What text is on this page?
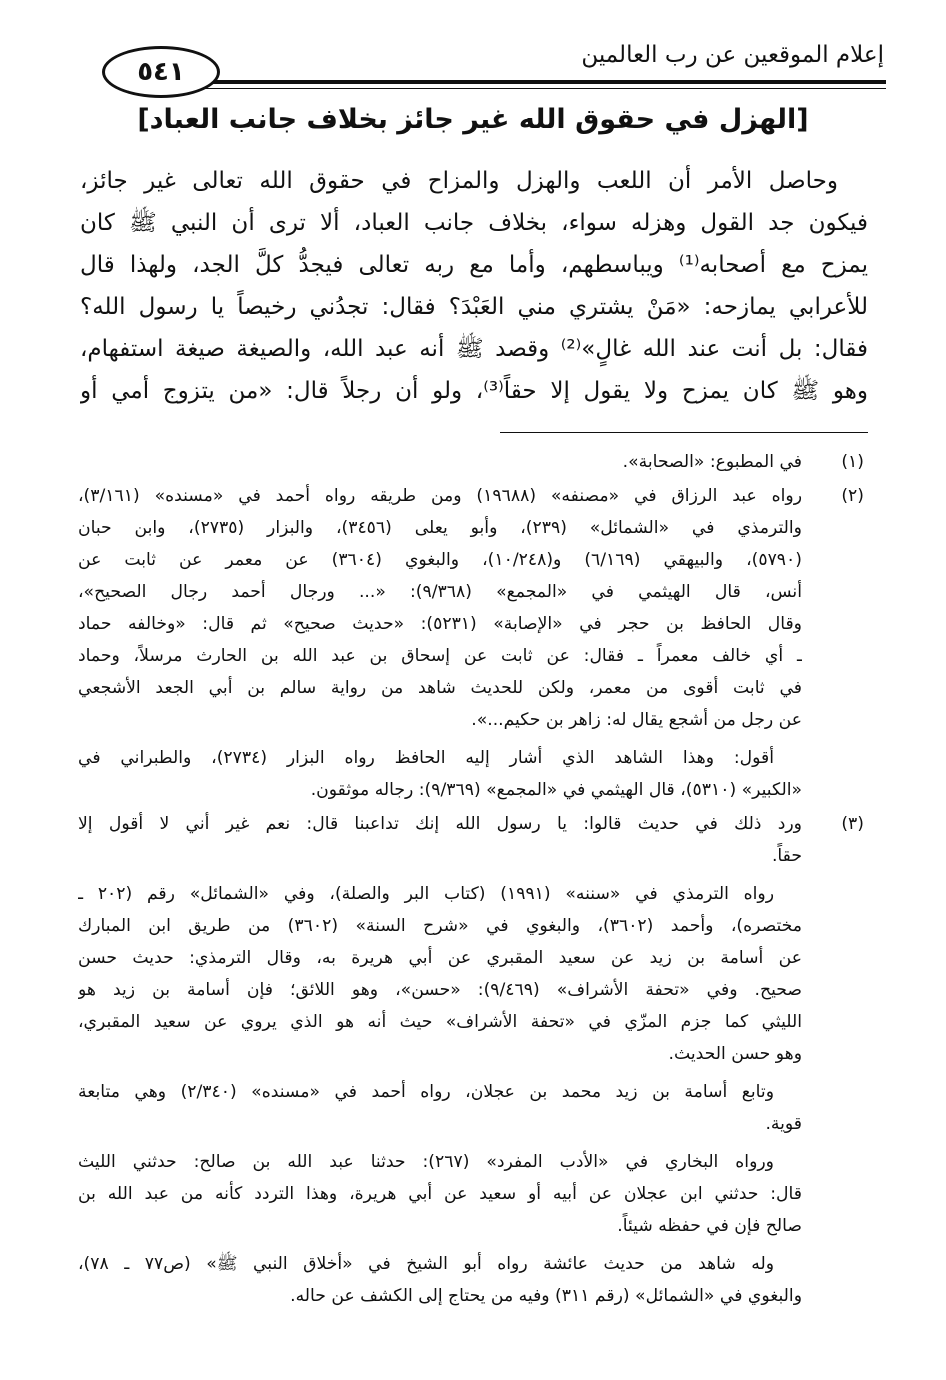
إعلام الموقعين عن رب العالمين
٥٤١
[الهزل في حقوق الله غير جائز بخلاف جانب العباد]
وحاصل الأمر أن اللعب والهزل والمزاح في حقوق الله تعالى غير جائز،
فيكون جد القول وهزله سواء، بخلاف جانب العباد، ألا ترى أن النبي ﷺ كان
يمزح مع أصحابه⁽¹⁾ ويباسطهم، وأما مع ربه تعالى فيجدُّ كلَّ الجد، ولهذا قال
للأعرابي يمازحه: «مَنْ يشتري مني العَبْدَ؟ فقال: تجدُني رخيصاً يا رسول الله؟
فقال: بل أنت عند الله غالٍ»⁽²⁾ وقصد ﷺ أنه عبد الله، والصيغة صيغة استفهام،
وهو ﷺ كان يمزح ولا يقول إلا حقاً⁽³⁾، ولو أن رجلاً قال: «من يتزوج أمي أو
(١)
في المطبوع: «الصحابة».
(٢)
رواه عبد الرزاق في «مصنفه» (١٩٦٨٨) ومن طريقه رواه أحمد في «مسنده» (٣/١٦١)،
والترمذي في «الشمائل» (٢٣٩)، وأبو يعلى (٣٤٥٦)، والبزار (٢٧٣٥)، وابن حبان
(٥٧٩٠)، والبيهقي (٦/١٦٩) و(١٠/٢٤٨)، والبغوي (٣٦٠٤) عن معمر عن ثابت عن
أنس، قال الهيثمي في «المجمع» (٩/٣٦٨): «... ورجال أحمد رجال الصحيح»،
وقال الحافظ بن حجر في «الإصابة» (٥٢٣١): «حديث صحيح» ثم قال: «وخالفه حماد
ـ أي خالف معمراً ـ فقال: عن ثابت عن إسحاق بن عبد الله بن الحارث مرسلاً، وحماد
في ثابت أقوى من معمر، ولكن للحديث شاهد من رواية سالم بن أبي الجعد الأشجعي
عن رجل من أشجع يقال له: زاهر بن حكيم...».
أقول: وهذا الشاهد الذي أشار إليه الحافظ رواه البزار (٢٧٣٤)، والطبراني في
«الكبير» (٥٣١٠)، قال الهيثمي في «المجمع» (٩/٣٦٩): رجاله موثقون.
(٣)
ورد ذلك في حديث قالوا: يا رسول الله إنك تداعبنا قال: نعم غير أني لا أقول إلا
حقاً.
رواه الترمذي في «سننه» (١٩٩١) (كتاب البر والصلة)، وفي «الشمائل» رقم (٢٠٢ ـ
مختصره)، وأحمد (٣٦٠٢)، والبغوي في «شرح السنة» (٣٦٠٢) من طريق ابن المبارك
عن أسامة بن زيد عن سعيد المقبري عن أبي هريرة به، وقال الترمذي: حديث حسن
صحيح. وفي «تحفة الأشراف» (٩/٤٦٩): «حسن»، وهو اللائق؛ فإن أسامة بن زيد هو
الليثي كما جزم المزّي في «تحفة الأشراف» حيث أنه هو الذي يروي عن سعيد المقبري،
وهو حسن الحديث.
وتابع أسامة بن زيد محمد بن عجلان، رواه أحمد في «مسنده» (٢/٣٤٠) وهي متابعة
قوية.
ورواه البخاري في «الأدب المفرد» (٢٦٧): حدثنا عبد الله بن صالح: حدثني الليث
قال: حدثني ابن عجلان عن أبيه أو سعيد عن أبي هريرة، وهذا التردد كأنه من عبد الله بن
صالح فإن في حفظه شيئاً.
وله شاهد من حديث عائشة رواه أبو الشيخ في «أخلاق النبي ﷺ» (ص٧٧ ـ ٧٨)،
والبغوي في «الشمائل» (رقم ٣١١) وفيه من يحتاج إلى الكشف عن حاله.
